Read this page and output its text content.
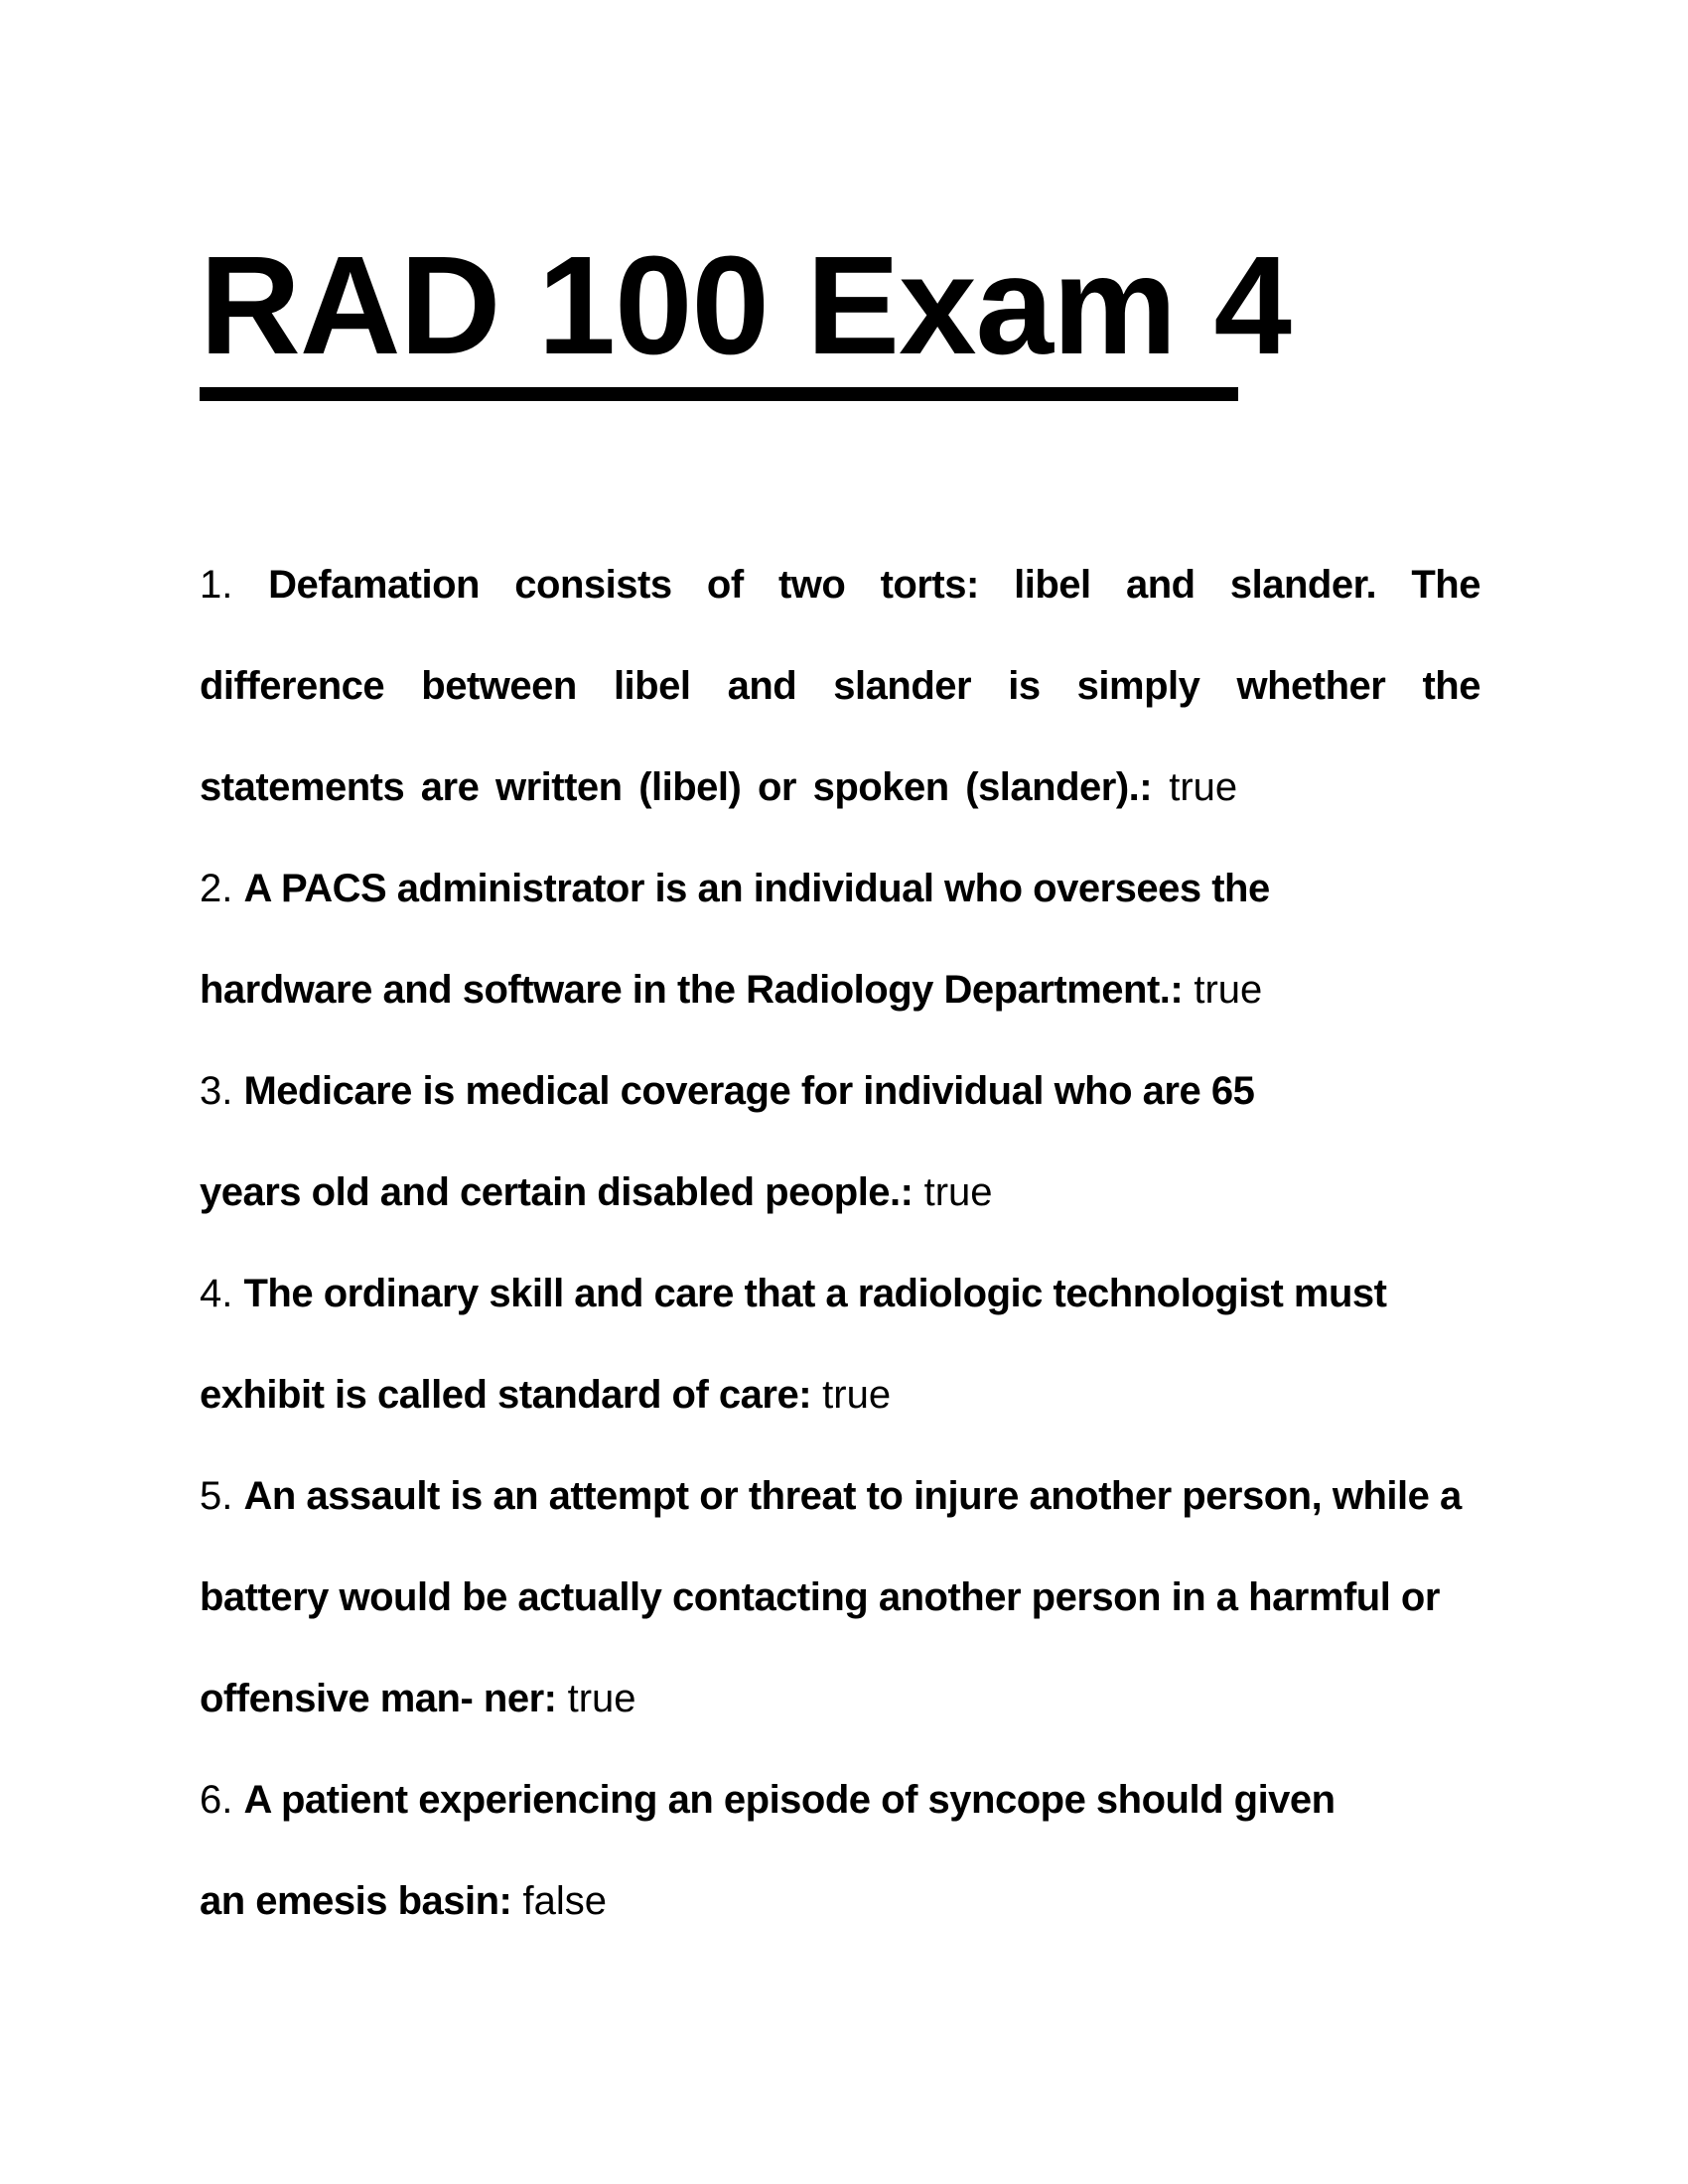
RAD 100 Exam 4
1. Defamation consists of two torts: libel and slander. The difference between libel and slander is simply whether the statements are written (libel) or spoken (slander).: true
2. A PACS administrator is an individual who oversees the hardware and software in the Radiology Department.: true
3. Medicare is medical coverage for individual who are 65 years old and certain disabled people.: true
4. The ordinary skill and care that a radiologic technologist must exhibit is called standard of care: true
5. An assault is an attempt or threat to injure another person, while a battery would be actually contacting another person in a harmful or offensive man- ner: true
6. A patient experiencing an episode of syncope should given an emesis basin: false
